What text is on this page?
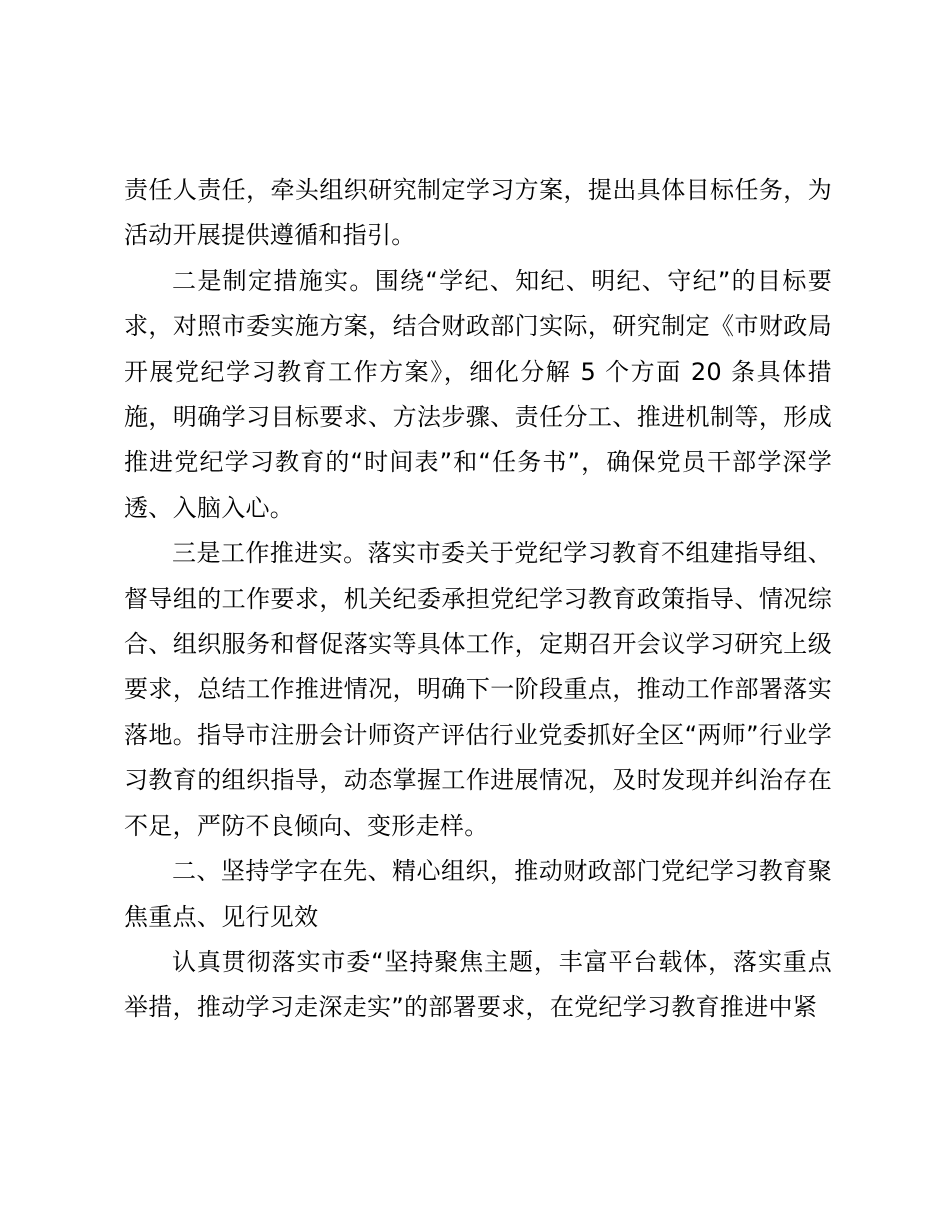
责任人责任，牵头组织研究制定学习方案，提出具体目标任务，为活动开展提供遵循和指引。

二是制定措施实。围绕“学纪、知纪、明纪、守纪”的目标要求，对照市委实施方案，结合财政部门实际，研究制定《市财政局开展党纪学习教育工作方案》，细化分解 5 个方面 20 条具体措施，明确学习目标要求、方法步骤、责任分工、推进机制等，形成推进党纪学习教育的“时间表”和“任务书”，确保党员干部学深学透、入脑入心。

三是工作推进实。落实市委关于党纪学习教育不组建指导组、督导组的工作要求，机关纪委承担党纪学习教育政策指导、情况综合、组织服务和督促落实等具体工作，定期召开会议学习研究上级要求，总结工作推进情况，明确下一阶段重点，推动工作部署落实落地。指导市注册会计师资产评估行业党委抓好全区“两师”行业学习教育的组织指导，动态掌握工作进展情况，及时发现并纠治存在不足，严防不良倾向、变形走样。

二、坚持学字在先、精心组织，推动财政部门党纪学习教育聚焦重点、见行见效

认真贯彻落实市委“坚持聚焦主题，丰富平台载体，落实重点举措，推动学习走深走实”的部署要求，在党纪学习教育推进中紧
